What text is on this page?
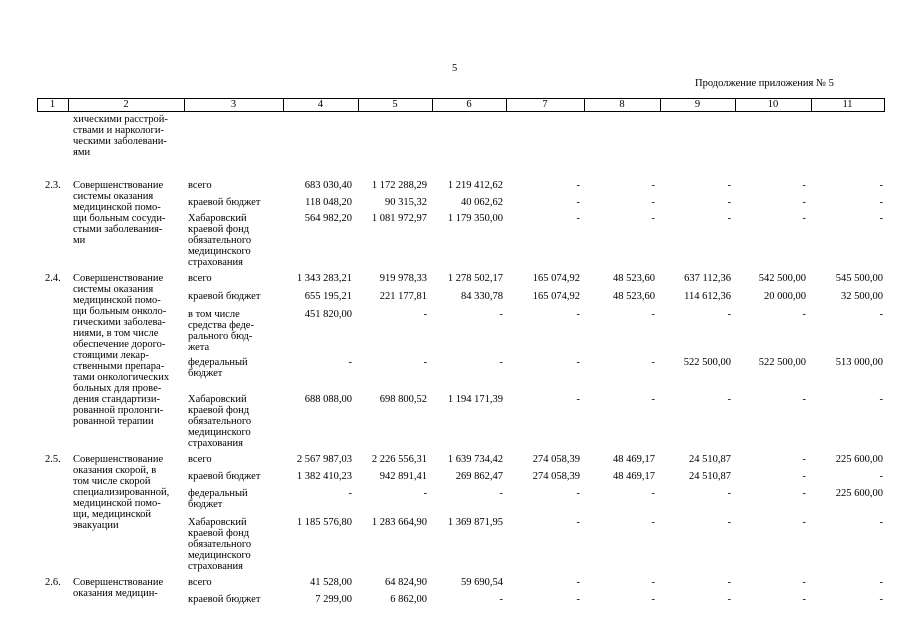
5
Продолжение приложения № 5
1	2	3	4	5	6	7	8	9	10	11
хическими расстрой-
ствами и наркологи-
ческими заболевани-
ями
2.3. Совершенствование
системы оказания
медицинской помо-
щи больным сосуди-
стыми заболевания-
ми
всего	683 030,40	1 172 288,29	1 219 412,62	-	-	-	-	-
краевой бюджет	118 048,20	90 315,32	40 062,62	-	-	-	-	-
Хабаровский
краевой фонд
обязательного
медицинского
страхования
564 982,20	1 081 972,97	1 179 350,00	-	-	-	-	-
2.4. Совершенствование
системы оказания
медицинской помо-
щи больным онколо-
гическими заболева-
ниями, в том числе
обеспечение дорого-
стоящими лекар-
ственными препара-
тами онкологических
больных для прове-
дения стандартизи-
рованной пролонги-
рованной терапии
всего	1 343 283,21	919 978,33	1 278 502,17	165 074,92	48 523,60	637 112,36	542 500,00	545 500,00
краевой бюджет	655 195,21	221 177,81	84 330,78	165 074,92	48 523,60	114 612,36	20 000,00	32 500,00
в том числе
средства феде-
рального бюд-
жета
451 820,00	-	-	-	-	-	-	-
федеральный
бюджет
-	-	-	-	-	522 500,00	522 500,00	513 000,00
Хабаровский
краевой фонд
обязательного
медицинского
страхования
688 088,00	698 800,52	1 194 171,39	-	-	-	-	-
2.5. Совершенствование
оказания скорой, в
том числе скорой
специализированной,
медицинской помо-
щи, медицинской
эвакуации
всего	2 567 987,03	2 226 556,31	1 639 734,42	274 058,39	48 469,17	24 510,87	-	225 600,00
краевой бюджет	1 382 410,23	942 891,41	269 862,47	274 058,39	48 469,17	24 510,87	-	-
федеральный
бюджет
-	-	-	-	-	-	-	225 600,00
Хабаровский
краевой фонд
обязательного
медицинского
страхования
1 185 576,80	1 283 664,90	1 369 871,95	-	-	-	-	-
2.6. Совершенствование
оказания медицин-
всего	41 528,00	64 824,90	59 690,54	-	-	-	-	-
краевой бюджет	7 299,00	6 862,00	-	-	-	-	-	-
